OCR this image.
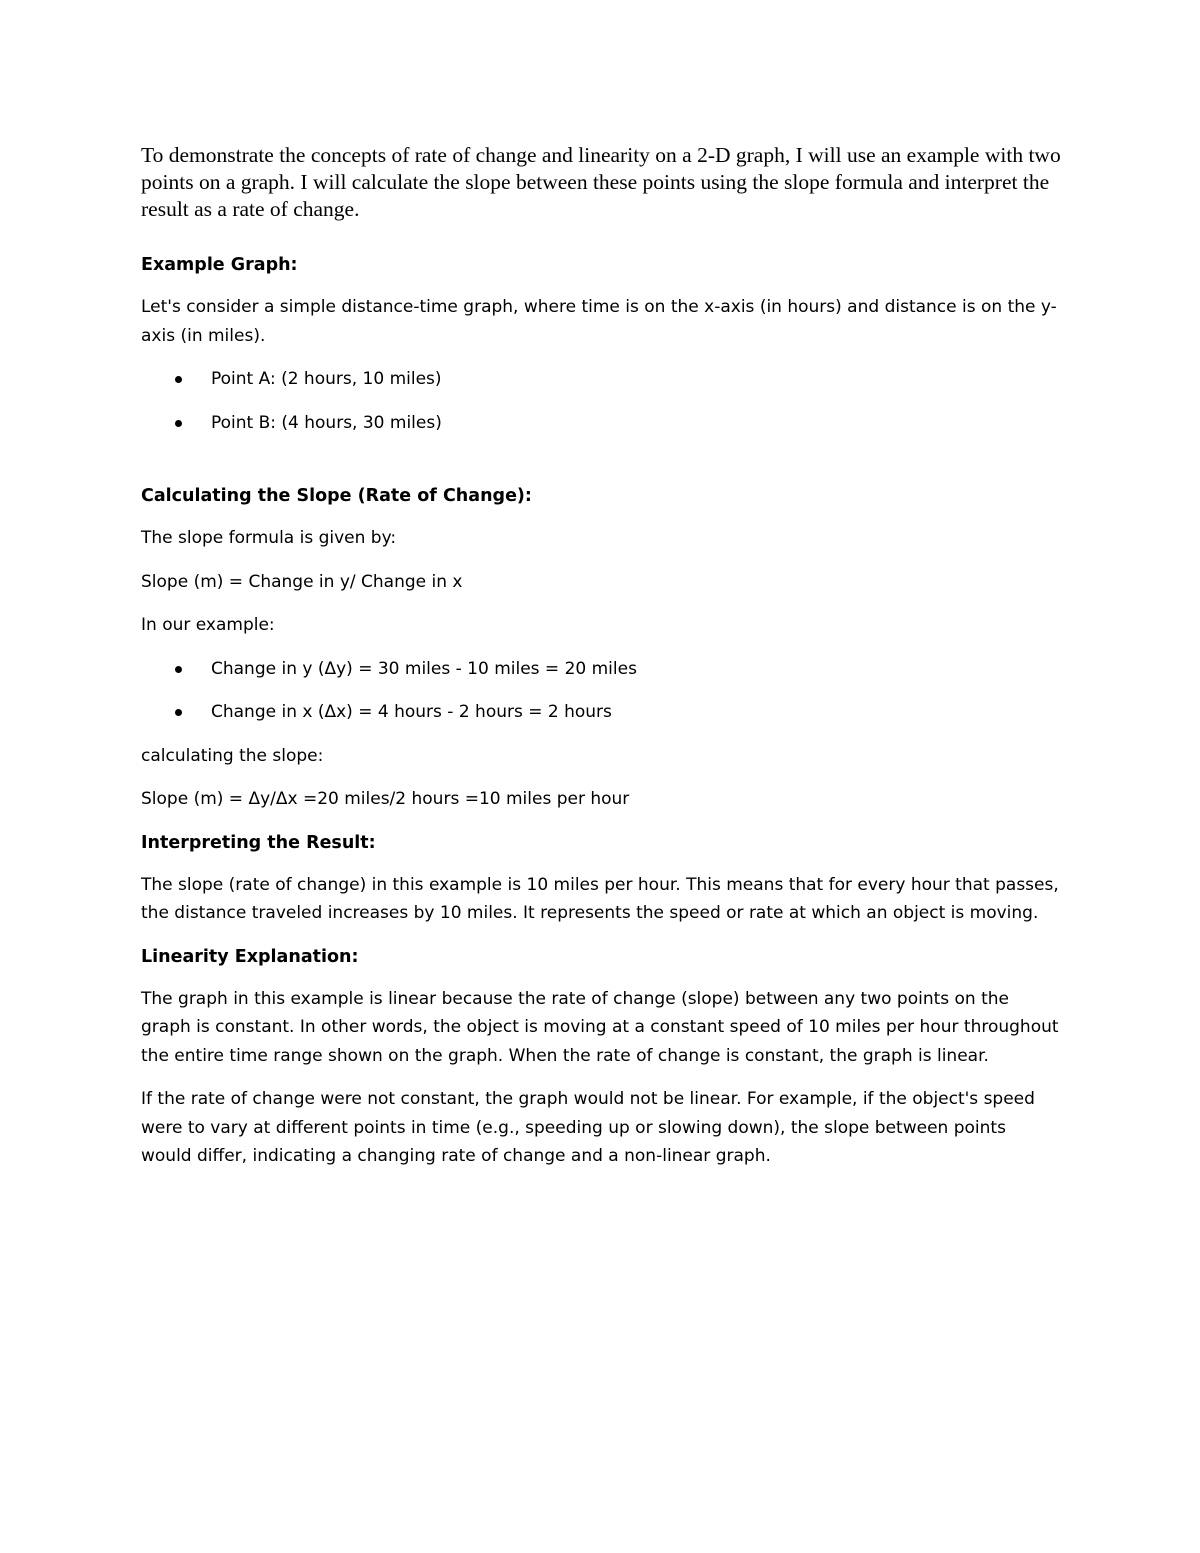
To demonstrate the concepts of rate of change and linearity on a 2-D graph, I will use an example with two points on a graph. I will calculate the slope between these points using the slope formula and interpret the result as a rate of change.

Example Graph:

Let's consider a simple distance-time graph, where time is on the x-axis (in hours) and distance is on the y-axis (in miles).

Point A: (2 hours, 10 miles)
Point B: (4 hours, 30 miles)

Calculating the Slope (Rate of Change):

The slope formula is given by:

Slope (m) = Change in y/ Change in x

In our example:

Change in y (Δy) = 30 miles - 10 miles = 20 miles
Change in x (Δx) = 4 hours - 2 hours = 2 hours

calculating the slope:

Slope (m) = Δy/Δx =20 miles/2 hours =10 miles per hour

Interpreting the Result:

The slope (rate of change) in this example is 10 miles per hour. This means that for every hour that passes, the distance traveled increases by 10 miles. It represents the speed or rate at which an object is moving.

Linearity Explanation:

The graph in this example is linear because the rate of change (slope) between any two points on the graph is constant. In other words, the object is moving at a constant speed of 10 miles per hour throughout the entire time range shown on the graph. When the rate of change is constant, the graph is linear.

If the rate of change were not constant, the graph would not be linear. For example, if the object's speed were to vary at different points in time (e.g., speeding up or slowing down), the slope between points would differ, indicating a changing rate of change and a non-linear graph.
